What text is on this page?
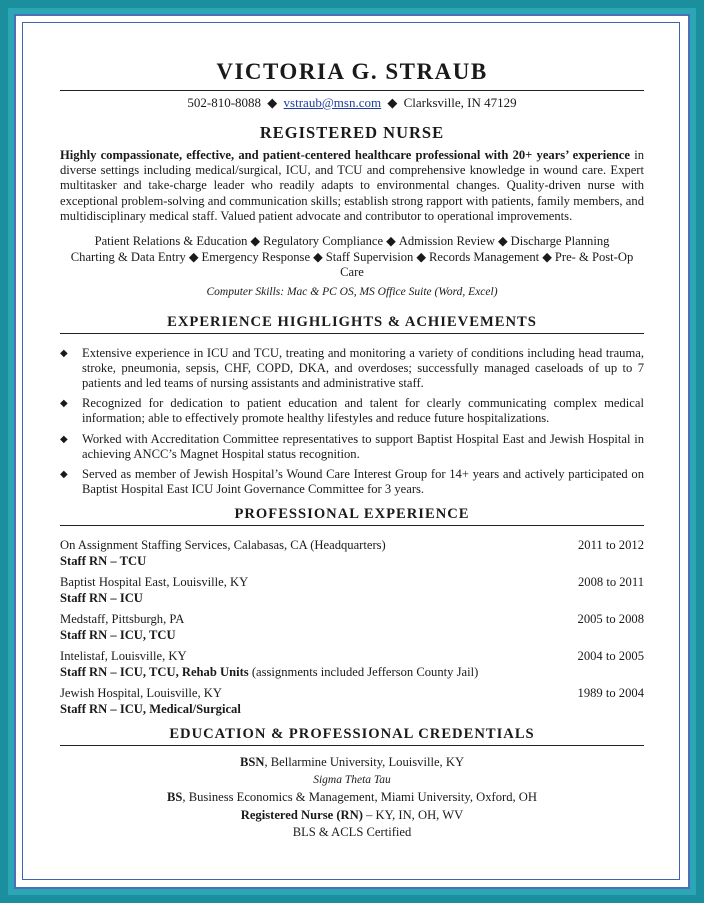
VICTORIA G. STRAUB
502-810-8088 ◆ vstraub@msn.com ◆ Clarksville, IN 47129
REGISTERED NURSE
Highly compassionate, effective, and patient-centered healthcare professional with 20+ years’ experience in diverse settings including medical/surgical, ICU, and TCU and comprehensive knowledge in wound care. Expert multitasker and take-charge leader who readily adapts to environmental changes. Quality-driven nurse with exceptional problem-solving and communication skills; establish strong rapport with patients, family members, and multidisciplinary medical staff. Valued patient advocate and contributor to operational improvements.
Patient Relations & Education ◆ Regulatory Compliance ◆ Admission Review ◆ Discharge Planning
Charting & Data Entry ◆ Emergency Response ◆ Staff Supervision ◆ Records Management ◆ Pre- & Post-Op Care
Computer Skills: Mac & PC OS, MS Office Suite (Word, Excel)
EXPERIENCE HIGHLIGHTS & ACHIEVEMENTS
◆ Extensive experience in ICU and TCU, treating and monitoring a variety of conditions including head trauma, stroke, pneumonia, sepsis, CHF, COPD, DKA, and overdoses; successfully managed caseloads of up to 7 patients and led teams of nursing assistants and administrative staff.
◆ Recognized for dedication to patient education and talent for clearly communicating complex medical information; able to effectively promote healthy lifestyles and reduce future hospitalizations.
◆ Worked with Accreditation Committee representatives to support Baptist Hospital East and Jewish Hospital in achieving ANCC’s Magnet Hospital status recognition.
◆ Served as member of Jewish Hospital’s Wound Care Interest Group for 14+ years and actively participated on Baptist Hospital East ICU Joint Governance Committee for 3 years.
PROFESSIONAL EXPERIENCE
On Assignment Staffing Services, Calabasas, CA (Headquarters)	2011 to 2012
Staff RN – TCU
Baptist Hospital East, Louisville, KY	2008 to 2011
Staff RN – ICU
Medstaff, Pittsburgh, PA	2005 to 2008
Staff RN – ICU, TCU
Intelistaf, Louisville, KY	2004 to 2005
Staff RN – ICU, TCU, Rehab Units (assignments included Jefferson County Jail)
Jewish Hospital, Louisville, KY	1989 to 2004
Staff RN – ICU, Medical/Surgical
EDUCATION & PROFESSIONAL CREDENTIALS
BSN, Bellarmine University, Louisville, KY
Sigma Theta Tau
BS, Business Economics & Management, Miami University, Oxford, OH
Registered Nurse (RN) – KY, IN, OH, WV
BLS & ACLS Certified
